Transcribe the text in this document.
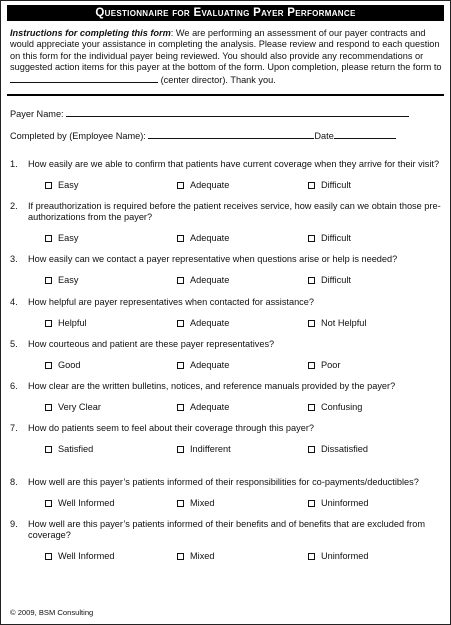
Questionnaire for Evaluating Payer Performance
Instructions for completing this form: We are performing an assessment of our payer contracts and would appreciate your assistance in completing the analysis. Please review and respond to each question on this form for the individual payer being reviewed. You should also provide any recommendations or suggested action items for this payer at the bottom of the form. Upon completion, please return the form to  (center director). Thank you.
Payer Name:
Completed by (Employee Name):	Date
1. How easily are we able to confirm that patients have current coverage when they arrive for their visit?
Easy	Adequate	Difficult
2. If preauthorization is required before the patient receives service, how easily can we obtain those pre-
authorizations from the payer?
Easy	Adequate	Difficult
3. How easily can we contact a payer representative when questions arise or help is needed?
Easy	Adequate	Difficult
4. How helpful are payer representatives when contacted for assistance?
Helpful	Adequate	Not Helpful
5. How courteous and patient are these payer representatives?
Good	Adequate	Poor
6. How clear are the written bulletins, notices, and reference manuals provided by the payer?
Very Clear	Adequate	Confusing
7. How do patients seem to feel about their coverage through this payer?
Satisfied	Indifferent	Dissatisfied
8. How well are this payer’s patients informed of their responsibilities for co-payments/deductibles?
Well Informed	Mixed	Uninformed
9. How well are this payer’s patients informed of their benefits and of benefits that are excluded from
coverage?
Well Informed	Mixed	Uninformed
© 2009, BSM Consulting
